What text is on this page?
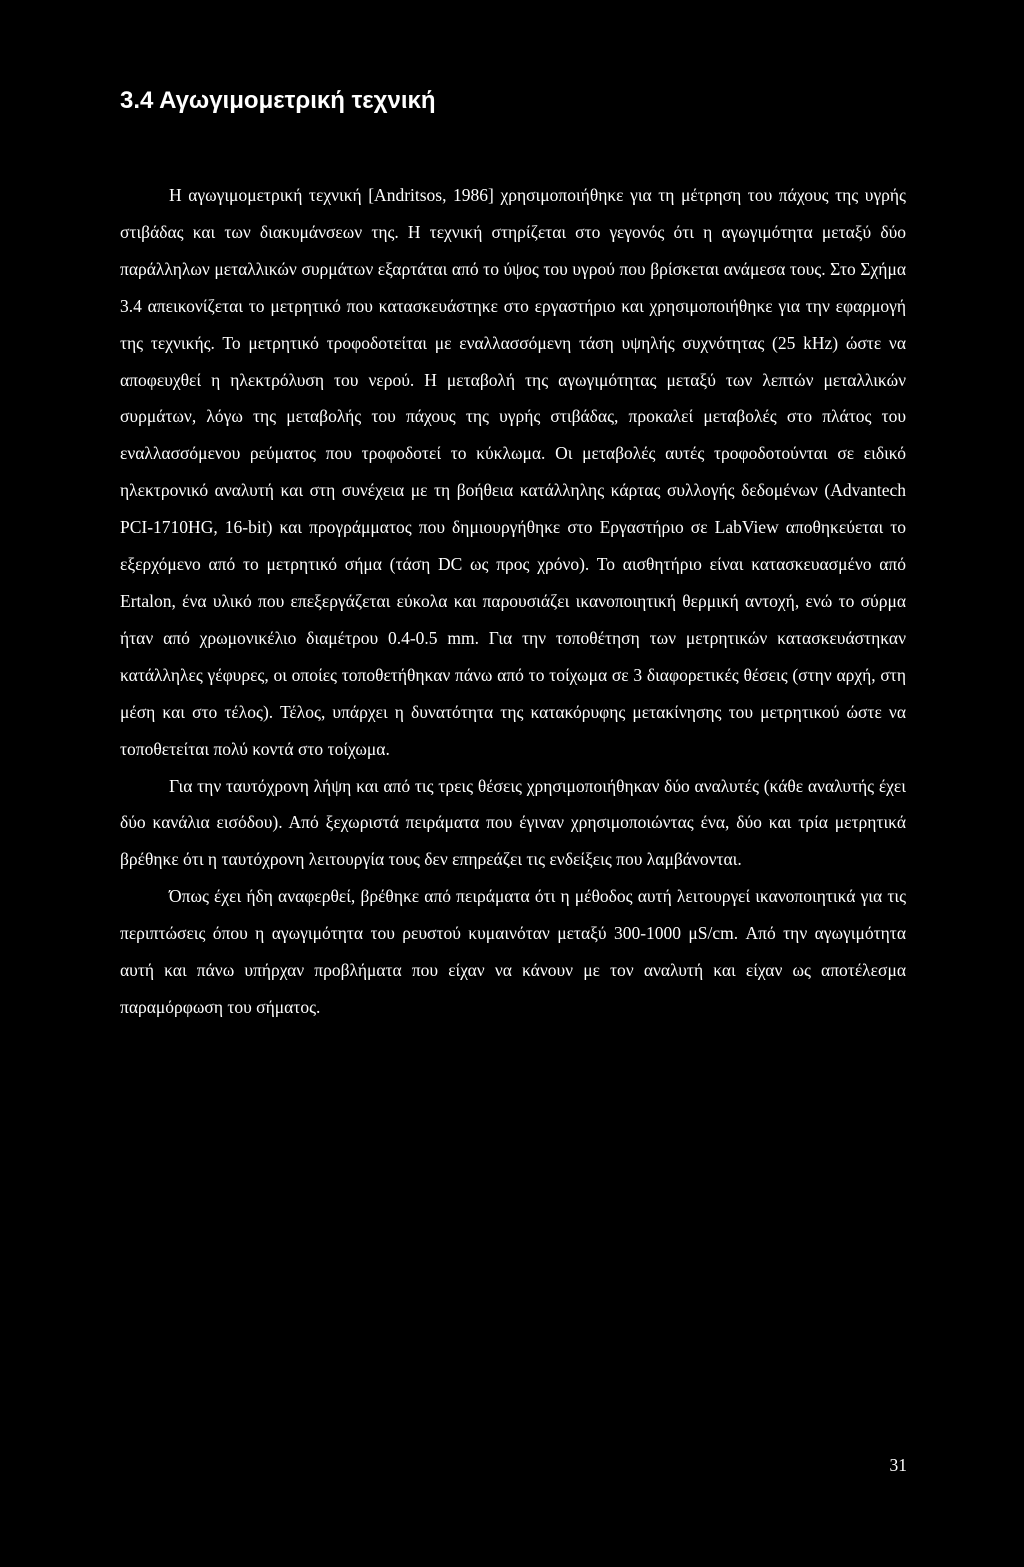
3.4 Αγωγιμομετρική τεχνική

Η αγωγιμομετρική τεχνική [Andritsos, 1986] χρησιμοποιήθηκε για τη μέτρηση του πάχους της υγρής στιβάδας και των διακυμάνσεων της. Η τεχνική στηρίζεται στο γεγονός ότι η αγωγιμότητα μεταξύ δύο παράλληλων μεταλλικών συρμάτων εξαρτάται από το ύψος του υγρού που βρίσκεται ανάμεσα τους. Στο Σχήμα 3.4 απεικονίζεται το μετρητικό που κατασκευάστηκε στο εργαστήριο και χρησιμοποιήθηκε για την εφαρμογή της τεχνικής. Το μετρητικό τροφοδοτείται με εναλλασσόμενη τάση υψηλής συχνότητας (25 kHz) ώστε να αποφευχθεί η ηλεκτρόλυση του νερού. Η μεταβολή της αγωγιμότητας μεταξύ των λεπτών μεταλλικών συρμάτων, λόγω της μεταβολής του πάχους της υγρής στιβάδας, προκαλεί μεταβολές στο πλάτος του εναλλασσόμενου ρεύματος που τροφοδοτεί το κύκλωμα. Οι μεταβολές αυτές τροφοδοτούνται σε ειδικό ηλεκτρονικό αναλυτή και στη συνέχεια με τη βοήθεια κατάλληλης κάρτας συλλογής δεδομένων (Advantech PCI-1710HG, 16-bit) και προγράμματος που δημιουργήθηκε στο Εργαστήριο σε LabView αποθηκεύεται το εξερχόμενο από το μετρητικό σήμα (τάση DC ως προς χρόνο). Το αισθητήριο είναι κατασκευασμένο από Ertalon, ένα υλικό που επεξεργάζεται εύκολα και παρουσιάζει ικανοποιητική θερμική αντοχή, ενώ το σύρμα ήταν από χρωμονικέλιο διαμέτρου 0.4-0.5 mm. Για την τοποθέτηση των μετρητικών κατασκευάστηκαν κατάλληλες γέφυρες, οι οποίες τοποθετήθηκαν πάνω από το τοίχωμα σε 3 διαφορετικές θέσεις (στην αρχή, στη μέση και στο τέλος). Τέλος, υπάρχει η δυνατότητα της κατακόρυφης μετακίνησης του μετρητικού ώστε να τοποθετείται πολύ κοντά στο τοίχωμα.

Για την ταυτόχρονη λήψη και από τις τρεις θέσεις χρησιμοποιήθηκαν δύο αναλυτές (κάθε αναλυτής έχει δύο κανάλια εισόδου). Από ξεχωριστά πειράματα που έγιναν χρησιμοποιώντας ένα, δύο και τρία μετρητικά βρέθηκε ότι η ταυτόχρονη λειτουργία τους δεν επηρεάζει τις ενδείξεις που λαμβάνονται.

Όπως έχει ήδη αναφερθεί, βρέθηκε από πειράματα ότι η μέθοδος αυτή λειτουργεί ικανοποιητικά για τις περιπτώσεις όπου η αγωγιμότητα του ρευστού κυμαινόταν μεταξύ 300-1000 μS/cm. Από την αγωγιμότητα αυτή και πάνω υπήρχαν προβλήματα που είχαν να κάνουν με τον αναλυτή και είχαν ως αποτέλεσμα παραμόρφωση του σήματος.

31
